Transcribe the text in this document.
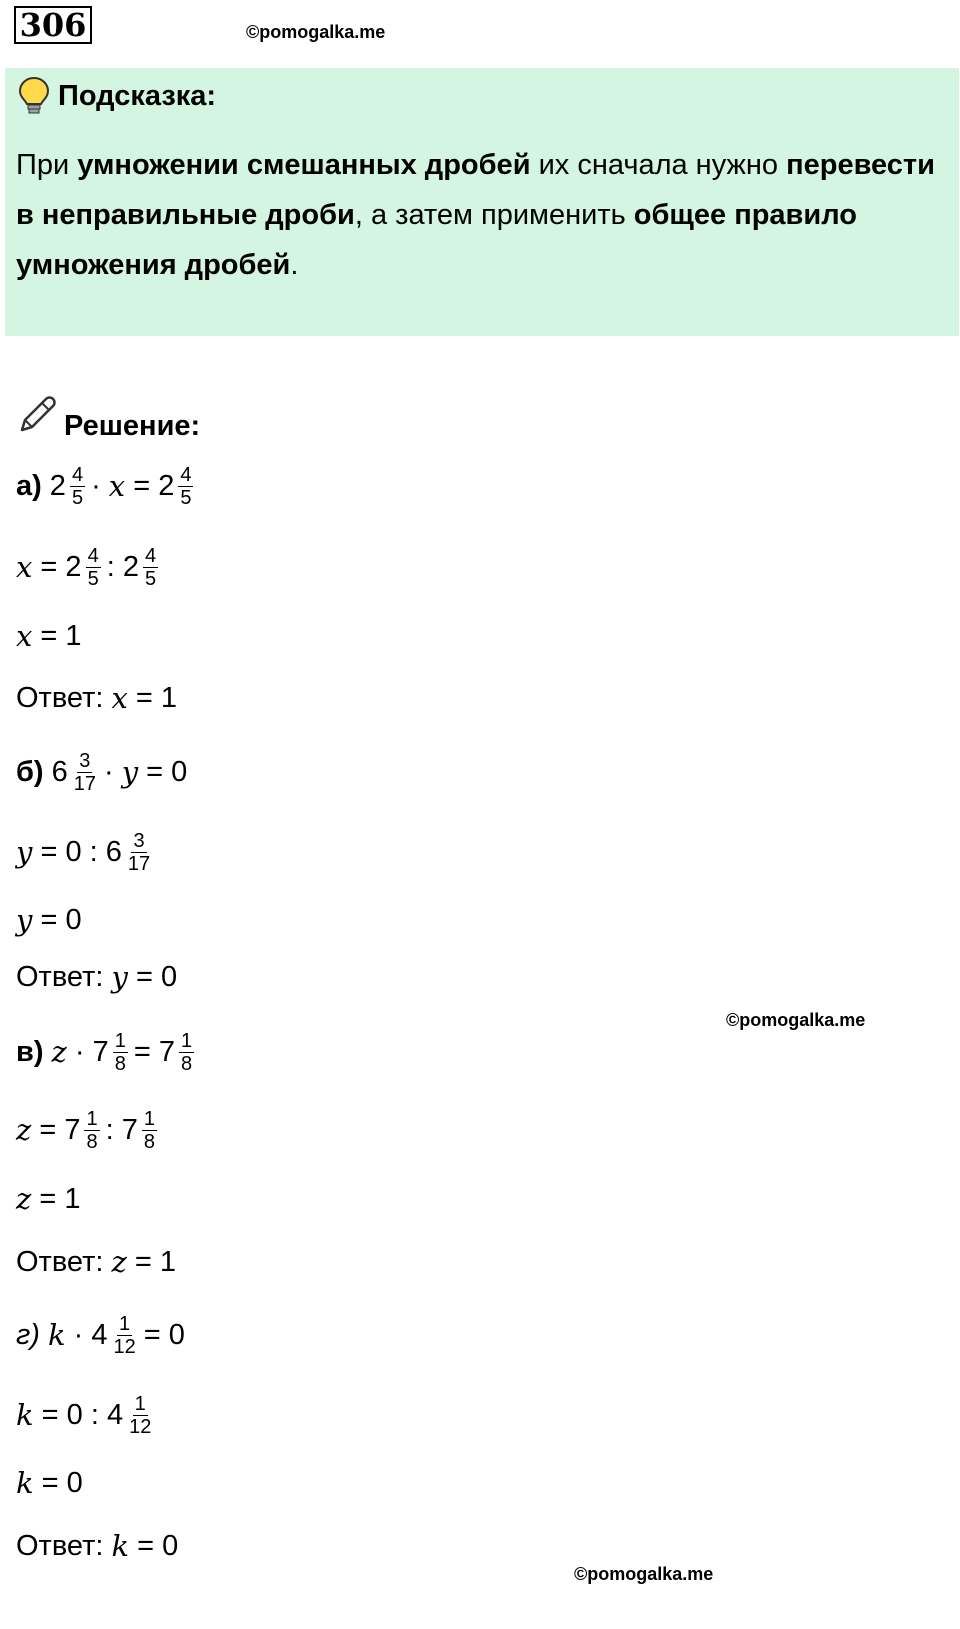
306	©pomogalka.me
Подсказка:
При умножении смешанных дробей их сначала нужно перевести в неправильные дроби, а затем применить общее правило умножения дробей.
Решение:
а) $2 \frac{4}{5}$ ·
x
=
$2 \frac{4}{5}$
x
=
$2 \frac{4}{5}$ :
$2 \frac{4}{5}$
x
=
1
Ответ:
x
=
1
б) $6 \frac{3}{17}$ ·
y
=
0
y
=
0
:
$6 \frac{3}{17}$
y
=
0
Ответ:
y
=
0
©pomogalka.me
в) z
·
$7 \frac{1}{8}$ =
$7 \frac{1}{8}$
z
=
$7 \frac{1}{8}$ :
$7 \frac{1}{8}$
z
=
1
Ответ:
z
=
1
г) k
·
$4 \frac{1}{12}$ =
0
k
=
0
:
$4 \frac{1}{12}$
k
=
0
Ответ:
k
=
0
©pomogalka.me
